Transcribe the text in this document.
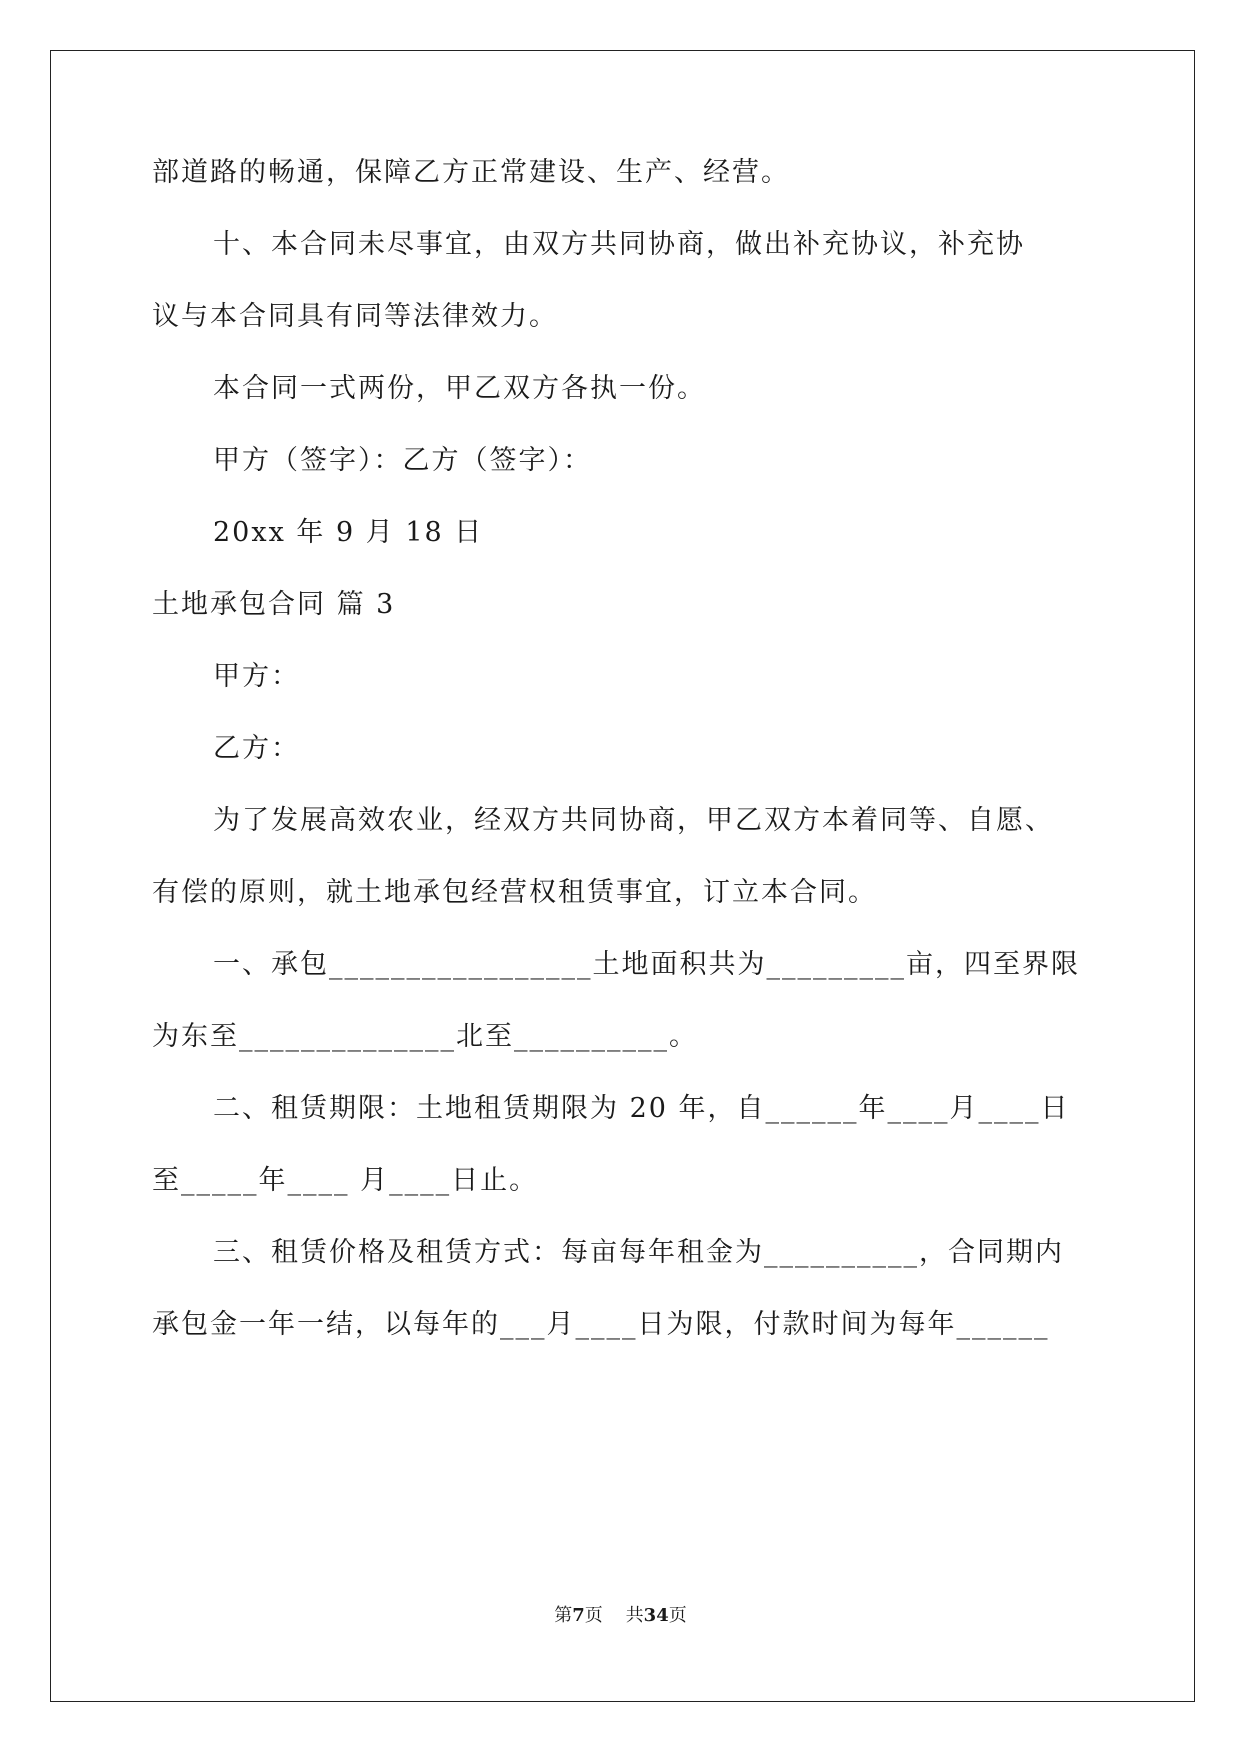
部道路的畅通，保障乙方正常建设、生产、经营。
十、本合同未尽事宜，由双方共同协商，做出补充协议，补充协
议与本合同具有同等法律效力。
本合同一式两份，甲乙双方各执一份。
甲方（签字）：乙方（签字）：
20xx 年 9 月 18 日
土地承包合同 篇 3
甲方：
乙方：
为了发展高效农业，经双方共同协商，甲乙双方本着同等、自愿、
有偿的原则，就土地承包经营权租赁事宜，订立本合同。
一、承包_________________土地面积共为_________亩，四至界限
为东至______________北至__________。
二、租赁期限：土地租赁期限为 20 年，自______年____月____日
至_____年____ 月____日止。
三、租赁价格及租赁方式：每亩每年租金为__________，合同期内
承包金一年一结，以每年的___月____日为限，付款时间为每年______
第7页 共34页
